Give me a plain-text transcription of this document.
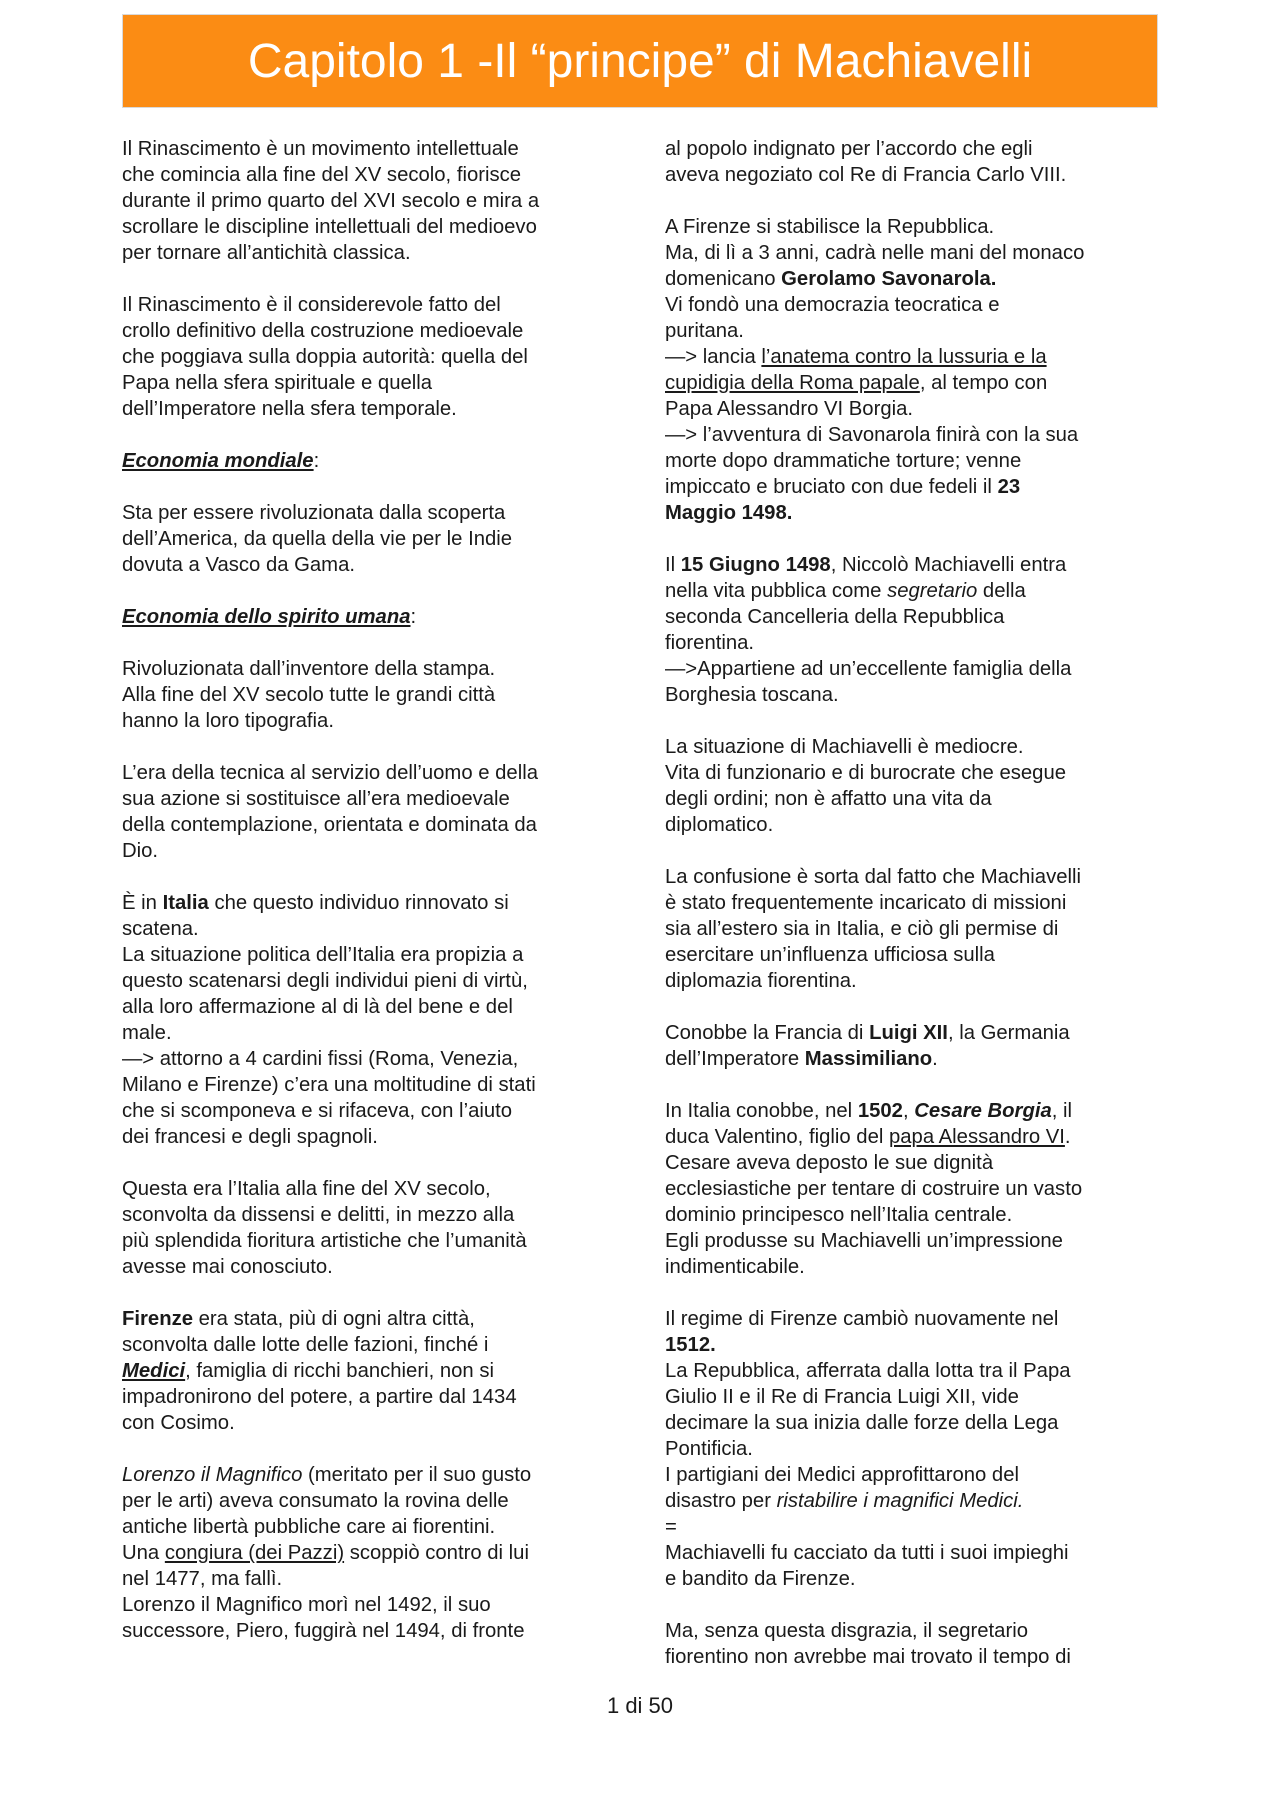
Capitolo 1 -Il “principe” di Machiavelli

Il Rinascimento è un movimento intellettuale
che comincia alla fine del XV secolo, fiorisce
durante il primo quarto del XVI secolo e mira a
scrollare le discipline intellettuali del medioevo
per tornare all’antichità classica.

Il Rinascimento è il considerevole fatto del
crollo definitivo della costruzione medioevale
che poggiava sulla doppia autorità: quella del
Papa nella sfera spirituale e quella
dell’Imperatore nella sfera temporale.

Economia mondiale:

Sta per essere rivoluzionata dalla scoperta
dell’America, da quella della vie per le Indie
dovuta a Vasco da Gama.

Economia dello spirito umana:

Rivoluzionata dall’inventore della stampa.
Alla fine del XV secolo tutte le grandi città
hanno la loro tipografia.

L’era della tecnica al servizio dell’uomo e della
sua azione si sostituisce all’era medioevale
della contemplazione, orientata e dominata da
Dio.

È in Italia che questo individuo rinnovato si
scatena.
La situazione politica dell’Italia era propizia a
questo scatenarsi degli individui pieni di virtù,
alla loro affermazione al di là del bene e del
male.
—> attorno a 4 cardini fissi (Roma, Venezia,
Milano e Firenze) c’era una moltitudine di stati
che si scomponeva e si rifaceva, con l’aiuto
dei francesi e degli spagnoli.

Questa era l’Italia alla fine del XV secolo,
sconvolta da dissensi e delitti, in mezzo alla
più splendida fioritura artistiche che l’umanità
avesse mai conosciuto.

Firenze era stata, più di ogni altra città,
sconvolta dalle lotte delle fazioni, finché i
Medici, famiglia di ricchi banchieri, non si
impadronirono del potere, a partire dal 1434
con Cosimo.

Lorenzo il Magnifico (meritato per il suo gusto
per le arti) aveva consumato la rovina delle
antiche libertà pubbliche care ai fiorentini.
Una congiura (dei Pazzi) scoppiò contro di lui
nel 1477, ma fallì.
Lorenzo il Magnifico morì nel 1492, il suo
successore, Piero, fuggirà nel 1494, di fronte

al popolo indignato per l’accordo che egli
aveva negoziato col Re di Francia Carlo VIII.

A Firenze si stabilisce la Repubblica.
Ma, di lì a 3 anni, cadrà nelle mani del monaco
domenicano Gerolamo Savonarola.
Vi fondò una democrazia teocratica e
puritana.
—> lancia l’anatema contro la lussuria e la
cupidigia della Roma papale, al tempo con
Papa Alessandro VI Borgia.
—> l’avventura di Savonarola finirà con la sua
morte dopo drammatiche torture; venne
impiccato e bruciato con due fedeli il 23
Maggio 1498.

Il 15 Giugno 1498, Niccolò Machiavelli entra
nella vita pubblica come segretario della
seconda Cancelleria della Repubblica
fiorentina.
—>Appartiene ad un’eccellente famiglia della
Borghesia toscana.

La situazione di Machiavelli è mediocre.
Vita di funzionario e di burocrate che esegue
degli ordini; non è affatto una vita da
diplomatico.

La confusione è sorta dal fatto che Machiavelli
è stato frequentemente incaricato di missioni
sia all’estero sia in Italia, e ciò gli permise di
esercitare un’influenza ufficiosa sulla
diplomazia fiorentina.

Conobbe la Francia di Luigi XII, la Germania
dell’Imperatore Massimiliano.

In Italia conobbe, nel 1502, Cesare Borgia, il
duca Valentino, figlio del papa Alessandro VI.
Cesare aveva deposto le sue dignità
ecclesiastiche per tentare di costruire un vasto
dominio principesco nell’Italia centrale.
Egli produsse su Machiavelli un’impressione
indimenticabile.

Il regime di Firenze cambiò nuovamente nel
1512.
La Repubblica, afferrata dalla lotta tra il Papa
Giulio II e il Re di Francia Luigi XII, vide
decimare la sua inizia dalle forze della Lega
Pontificia.
I partigiani dei Medici approfittarono del
disastro per ristabilire i magnifici Medici.
=
Machiavelli fu cacciato da tutti i suoi impieghi
e bandito da Firenze.

Ma, senza questa disgrazia, il segretario
fiorentino non avrebbe mai trovato il tempo di

1 di 50
